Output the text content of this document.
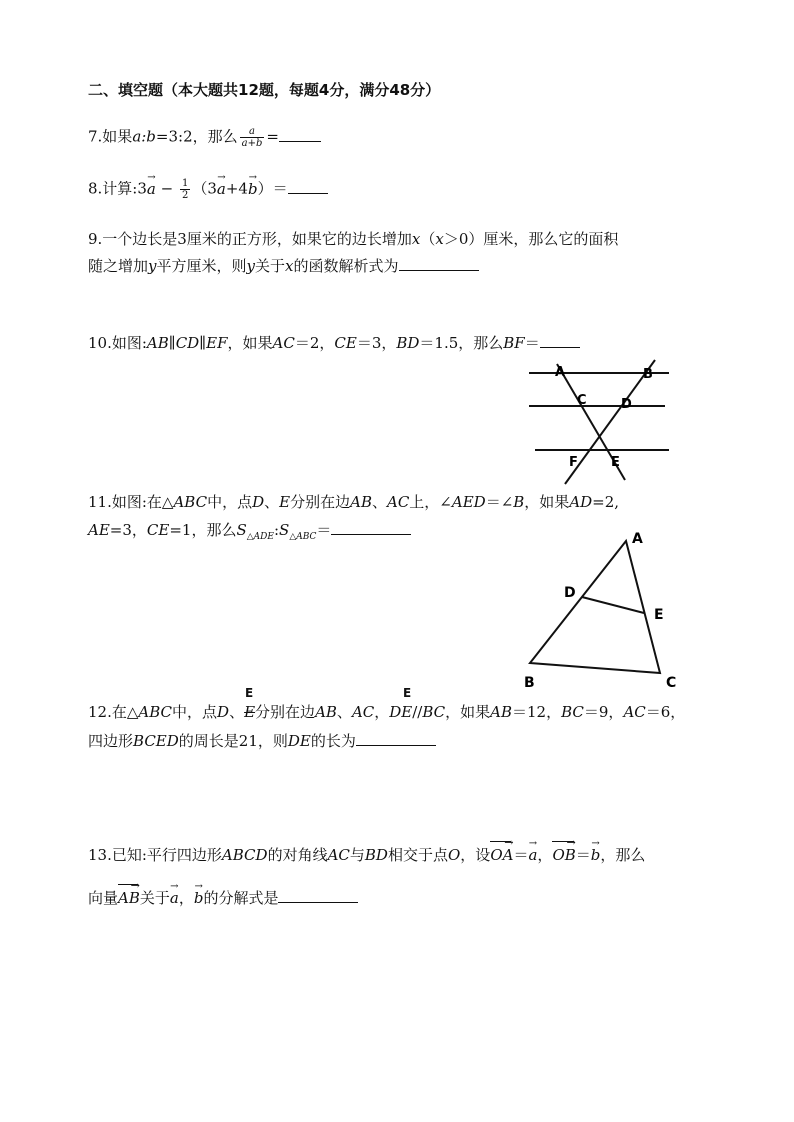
二、填空题（本大题共12题，每题4分，满分48分）
7.如果a:b=3:2，那么 $\frac{a}{a+b}$ =
8.计算:3→ $a - \frac{1}{2} (3\to a+4\to b)=$
9.一个边长是3厘米的正方形，如果它的边长增加x（x＞0）厘米，那么它的面积
随之增加y平方厘米，则y关于x的函数解析式为
10.如图:AB∥CD∥EF，如果AC＝2，CE＝3，BD＝1.5，那么BF＝
A	B
C	D
F	E
11.如图:在△ABC中，点D、E分别在边AB、AC上，∠AED＝∠B，如果AD=2,
AE=3，CE=1，那么$S_{\triangle ADE}:S_{\triangle ABC}=$	A
D
E
B	C
E	E
12.在△ABC中，点D、E分别在边AB、AC，DE//BC，如果AB＝12，BC＝9，AC＝6，
四边形BCED的周长是21，则DE的长为
13.已知:平行四边形ABCD的对角线AC与BD相交于点O，设→ OA＝→ a，→ OB＝→ b，那么
向量→ AB关于→ a，→ b的分解式是
